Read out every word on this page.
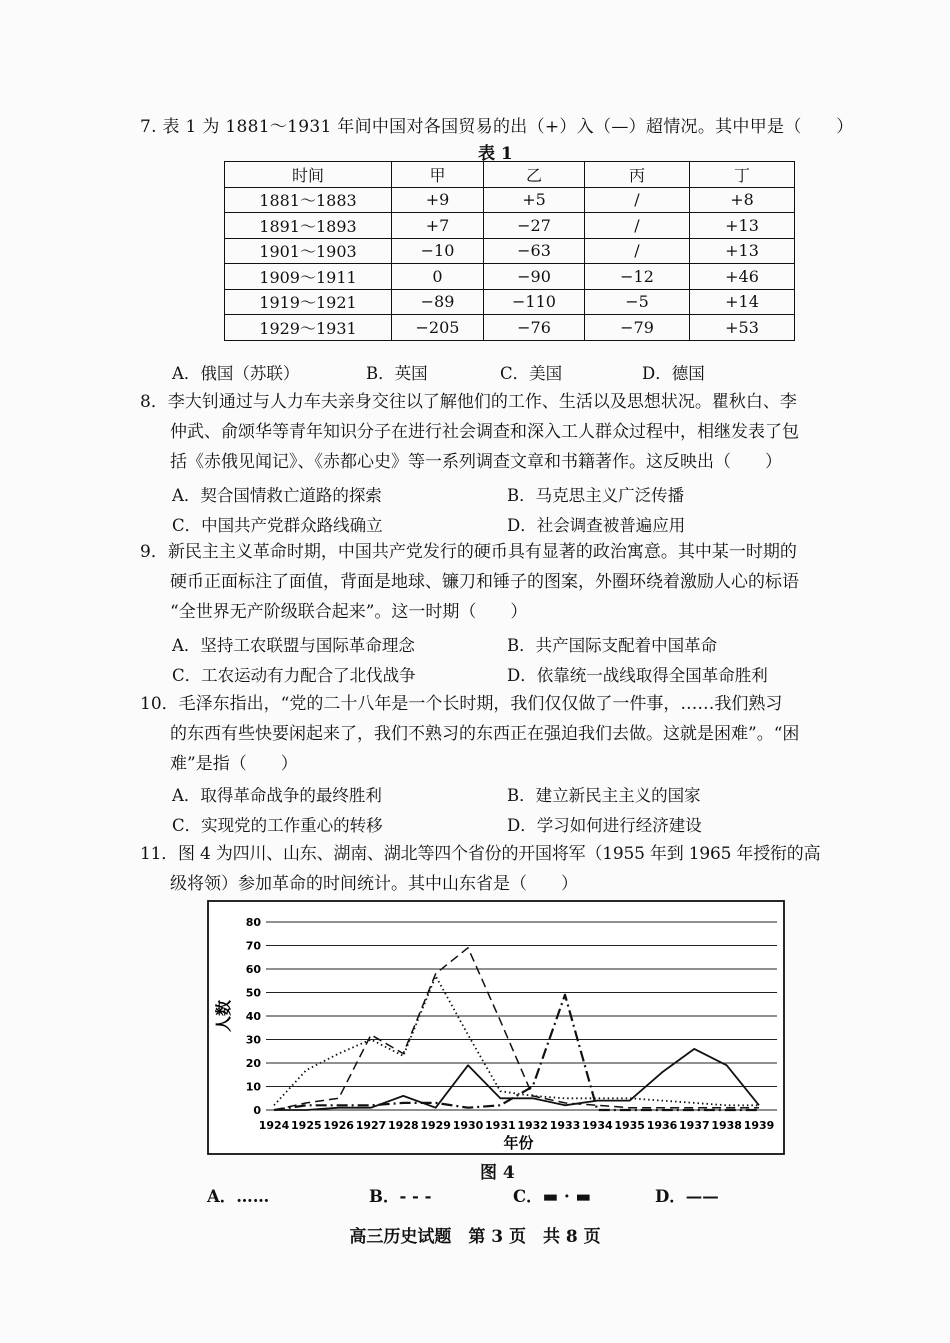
7. 表 1 为 1881～1931 年间中国对各国贸易的出（+）入（—）超情况。其中甲是（　　）
表 1
时间	甲	乙	丙	丁
1881～1883	+9	+5	/	+8
1891～1893	+7	−27	/	+13
1901～1903	−10	−63	/	+13
1909～1911	0	−90	−12	+46
1919～1921	−89	−110	−5	+14
1929～1931	−205	−76	−79	+53
A．俄国（苏联）	B．英国	C．美国	D．德国
8．李大钊通过与人力车夫亲身交往以了解他们的工作、生活以及思想状况。瞿秋白、李
仲武、俞颂华等青年知识分子在进行社会调查和深入工人群众过程中，相继发表了包
括《赤俄见闻记》、《赤都心史》等一系列调查文章和书籍著作。这反映出（　　）
A．契合国情救亡道路的探索	B．马克思主义广泛传播
C．中国共产党群众路线确立	D．社会调查被普遍应用
9．新民主主义革命时期，中国共产党发行的硬币具有显著的政治寓意。其中某一时期的
硬币正面标注了面值，背面是地球、镰刀和锤子的图案，外圈环绕着激励人心的标语
“全世界无产阶级联合起来”。这一时期（　　）
A．坚持工农联盟与国际革命理念	B．共产国际支配着中国革命
C．工农运动有力配合了北伐战争	D．依靠统一战线取得全国革命胜利
10．毛泽东指出，“党的二十八年是一个长时期，我们仅仅做了一件事，……我们熟习
的东西有些快要闲起来了，我们不熟习的东西正在强迫我们去做。这就是困难”。“困
难”是指（　　）
A．取得革命战争的最终胜利	B．建立新民主主义的国家
C．实现党的工作重心的转移	D．学习如何进行经济建设
11．图 4 为四川、山东、湖南、湖北等四个省份的开国将军（1955 年到 1965 年授衔的高
级将领）参加革命的时间统计。其中山东省是（　　）
0
10
20
30
40
50
60
70
80
1924 1925 1926 1927 1928 1929 1930 1931 1932 1933 1934 1935 1936 1937 1938 1939
年份
人数
图 4
A．……	B．- - -	C．▬ · ▬	D．——
高三历史试题　第 3 页　共 8 页
